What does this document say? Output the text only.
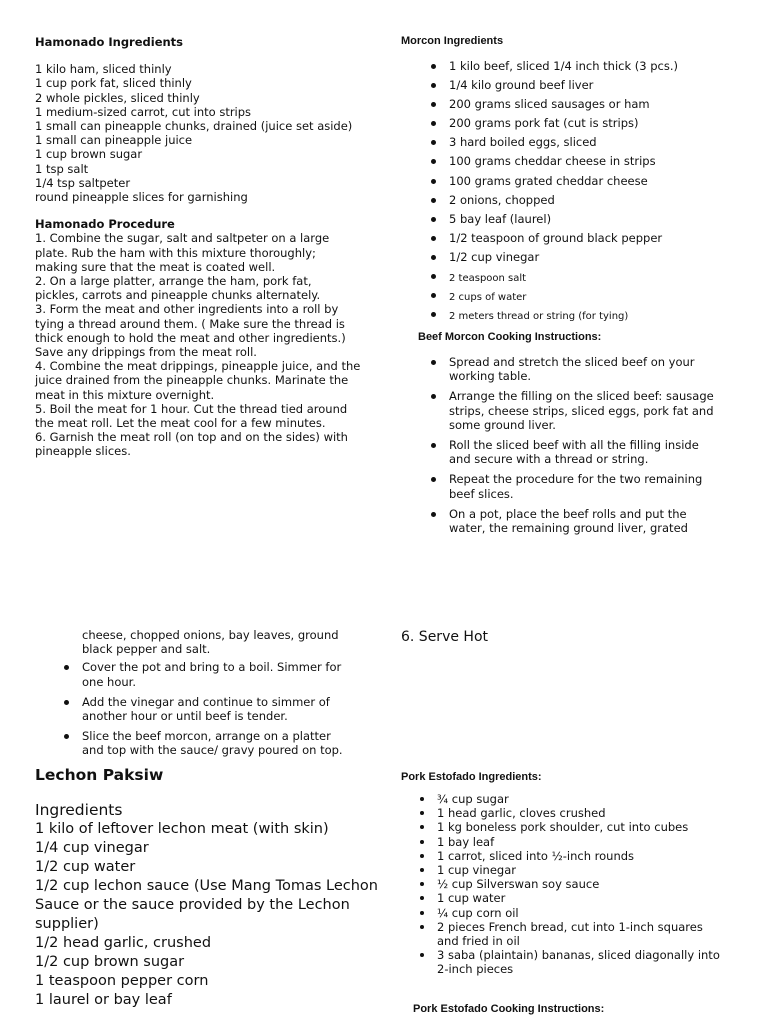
Hamonado Ingredients
1 kilo ham, sliced thinly
1 cup pork fat, sliced thinly
2 whole pickles, sliced thinly
1 medium-sized carrot, cut into strips
1 small can pineapple chunks, drained (juice set aside)
1 small can pineapple juice
1 cup brown sugar
1 tsp salt
1/4 tsp saltpeter
round pineapple slices for garnishing
Hamonado Procedure
1. Combine the sugar, salt and saltpeter on a large
plate. Rub the ham with this mixture thoroughly;
making sure that the meat is coated well.
2. On a large platter, arrange the ham, pork fat,
pickles, carrots and pineapple chunks alternately.
3. Form the meat and other ingredients into a roll by
tying a thread around them. ( Make sure the thread is
thick enough to hold the meat and other ingredients.)
Save any drippings from the meat roll.
4. Combine the meat drippings, pineapple juice, and the
juice drained from the pineapple chunks. Marinate the
meat in this mixture overnight.
5. Boil the meat for 1 hour. Cut the thread tied around
the meat roll. Let the meat cool for a few minutes.
6. Garnish the meat roll (on top and on the sides) with
pineapple slices.
Morcon Ingredients
1 kilo beef, sliced 1/4 inch thick (3 pcs.)
1/4 kilo ground beef liver
200 grams sliced sausages or ham
200 grams pork fat (cut is strips)
3 hard boiled eggs, sliced
100 grams cheddar cheese in strips
100 grams grated cheddar cheese
2 onions, chopped
5 bay leaf (laurel)
1/2 teaspoon of ground black pepper
1/2 cup vinegar
2 teaspoon salt
2 cups of water
2 meters thread or string (for tying)
Beef Morcon Cooking Instructions:
Spread and stretch the sliced beef on your
working table.
Arrange the filling on the sliced beef: sausage
strips, cheese strips, sliced eggs, pork fat and
some ground liver.
Roll the sliced beef with all the filling inside
and secure with a thread or string.
Repeat the procedure for the two remaining
beef slices.
On a pot, place the beef rolls and put the
water, the remaining ground liver, grated
cheese, chopped onions, bay leaves, ground
black pepper and salt.
Cover the pot and bring to a boil. Simmer for
one hour.
Add the vinegar and continue to simmer of
another hour or until beef is tender.
Slice the beef morcon, arrange on a platter
and top with the sauce/ gravy poured on top.
6. Serve Hot
Lechon Paksiw
Ingredients
1 kilo of leftover lechon meat (with skin)
1/4 cup vinegar
1/2 cup water
1/2 cup lechon sauce (Use Mang Tomas Lechon
Sauce or the sauce provided by the Lechon
supplier)
1/2 head garlic, crushed
1/2 cup brown sugar
1 teaspoon pepper corn
1 laurel or bay leaf
Pork Estofado Ingredients:
¾ cup sugar
1 head garlic, cloves crushed
1 kg boneless pork shoulder, cut into cubes
1 bay leaf
1 carrot, sliced into ½-inch rounds
1 cup vinegar
½ cup Silverswan soy sauce
1 cup water
¼ cup corn oil
2 pieces French bread, cut into 1-inch squares
and fried in oil
3 saba (plaintain) bananas, sliced diagonally into
2-inch pieces
Pork Estofado Cooking Instructions:
